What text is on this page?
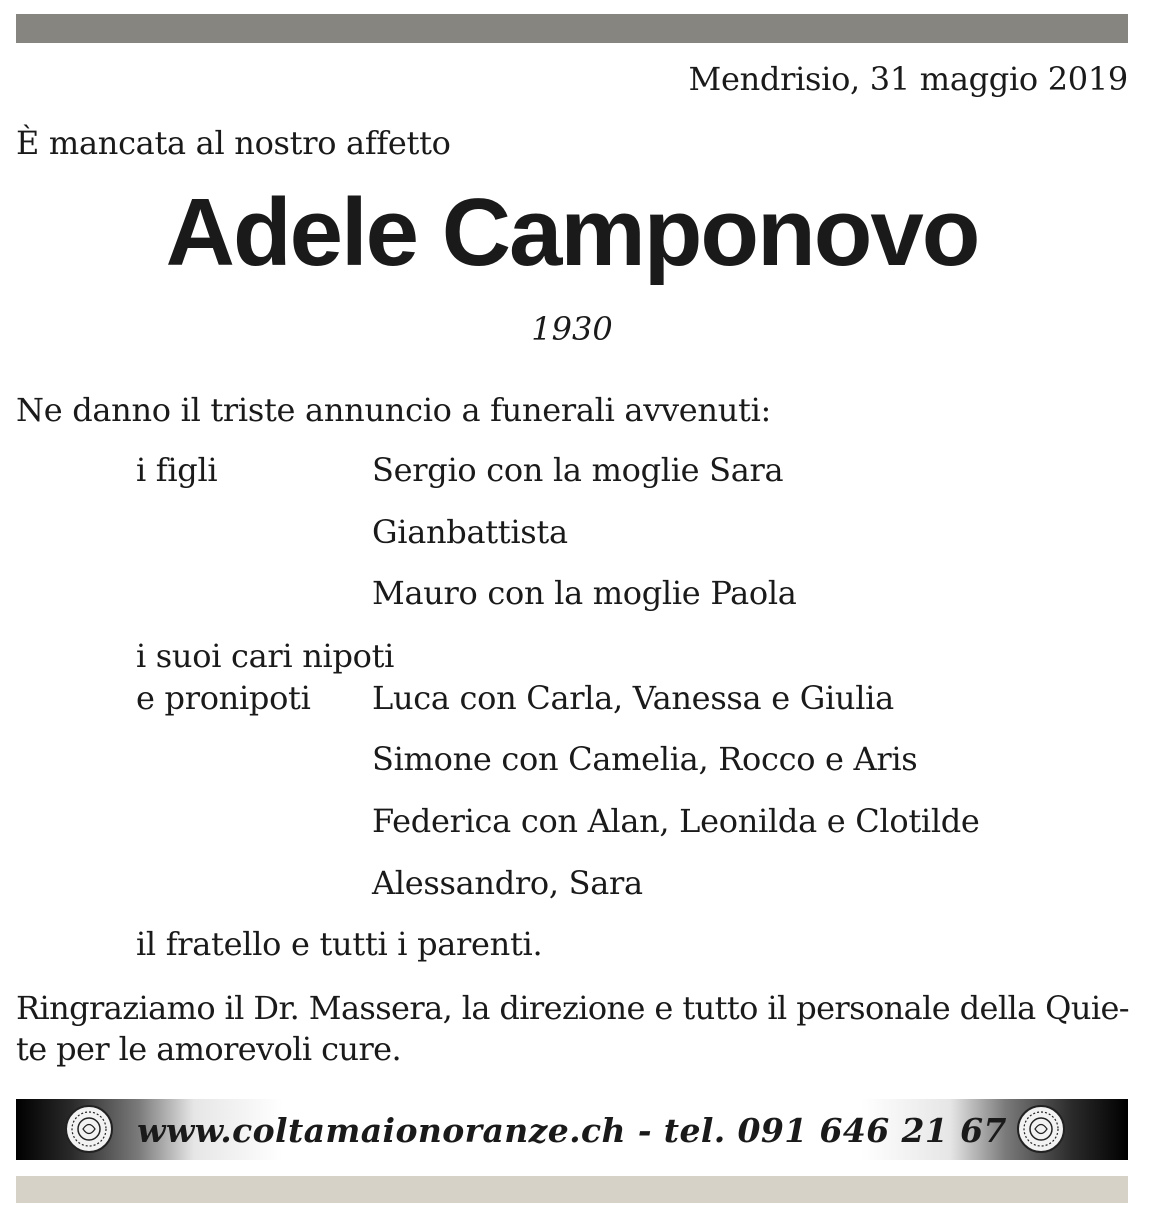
Mendrisio, 31 maggio 2019
È mancata al nostro affetto
Adele Camponovo
1930
Ne danno il triste annuncio a funerali avvenuti:
i figli	Sergio con la moglie Sara
Gianbattista
Mauro con la moglie Paola
i suoi cari nipoti
e pronipoti Luca con Carla, Vanessa e Giulia
Simone con Camelia, Rocco e Aris
Federica con Alan, Leonilda e Clotilde
Alessandro, Sara
il fratello e tutti i parenti.
Ringraziamo il Dr. Massera, la direzione e tutto il personale della Quie-
te per le amorevoli cure.
www.coltamaionoranze.ch - tel. 091 646 21 67
